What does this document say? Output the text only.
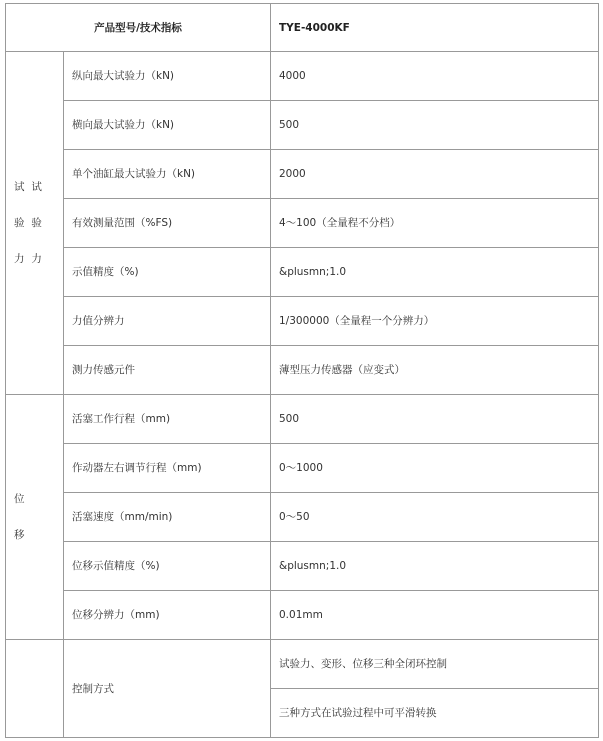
产品型号/技术指标		TYE-4000KF
试验力 试验力	纵向最大试验力（kN)	4000
	横向最大试验力（kN)	500
	单个油缸最大试验力（kN)	2000
	有效测量范围（%FS)	4～100（全量程不分档）
	示值精度（%)	&plusmn;1.0
	力值分辨力	1/300000（全量程一个分辨力）
	测力传感元件	薄型压力传感器（应变式）
位移	活塞工作行程（mm)	500
	作动器左右调节行程（mm)	0～1000
	活塞速度（mm/min)	0～50
	位移示值精度（%)	&plusmn;1.0
	位移分辨力（mm)	0.01mm
	控制方式	试验力、变形、位移三种全闭环控制
		三种方式在试验过程中可平滑转换
